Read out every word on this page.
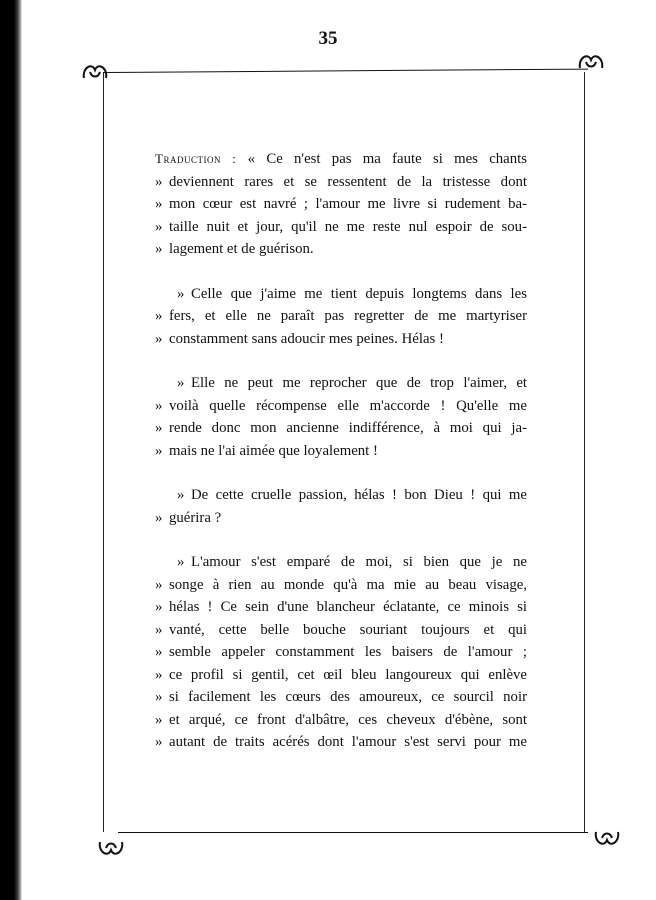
35
Traduction : « Ce n'est pas ma faute si mes chants
» deviennent rares et se ressentent de la tristesse dont
» mon cœur est navré ; l'amour me livre si rudement ba-
» taille nuit et jour, qu'il ne me reste nul espoir de sou-
» lagement et de guérison.
» Celle que j'aime me tient depuis longtems dans les
» fers, et elle ne paraît pas regretter de me martyriser
» constamment sans adoucir mes peines. Hélas !
» Elle ne peut me reprocher que de trop l'aimer, et
» voilà quelle récompense elle m'accorde ! Qu'elle me
» rende donc mon ancienne indifférence, à moi qui ja-
» mais ne l'ai aimée que loyalement !
» De cette cruelle passion, hélas ! bon Dieu ! qui me
» guérira ?
» L'amour s'est emparé de moi, si bien que je ne
» songe à rien au monde qu'à ma mie au beau visage,
» hélas ! Ce sein d'une blancheur éclatante, ce minois si
» vanté, cette belle bouche souriant toujours et qui
» semble appeler constamment les baisers de l'amour ;
» ce profil si gentil, cet œil bleu langoureux qui enlève
» si facilement les cœurs des amoureux, ce sourcil noir
» et arqué, ce front d'albâtre, ces cheveux d'ébène, sont
» autant de traits acérés dont l'amour s'est servi pour me
